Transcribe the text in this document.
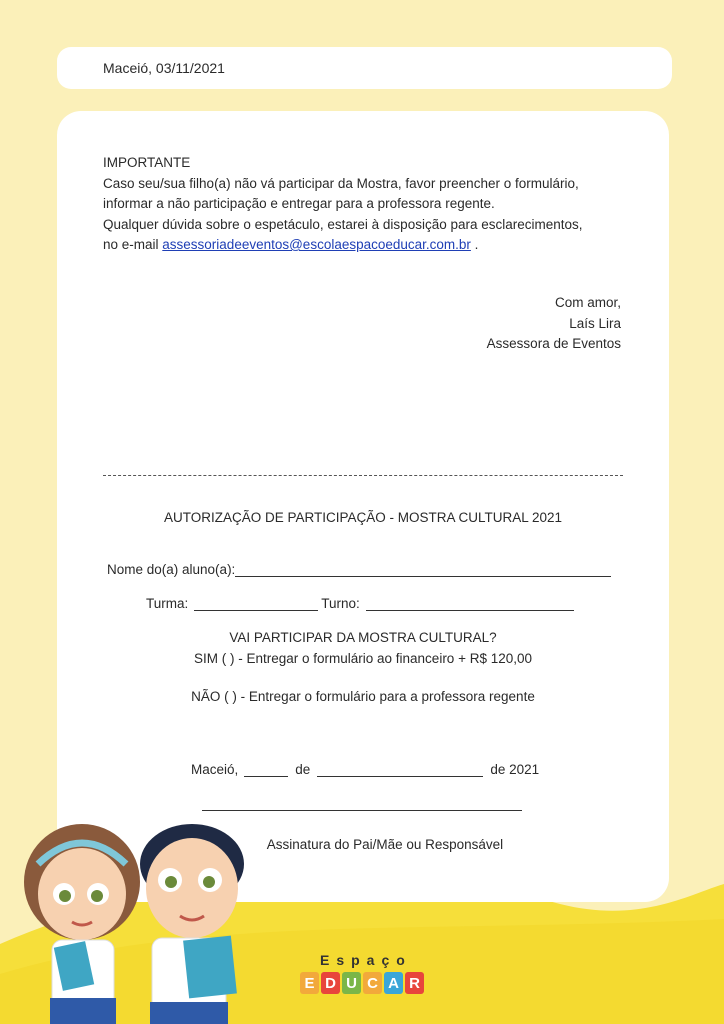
Maceió, 03/11/2021
IMPORTANTE
Caso seu/sua filho(a) não vá participar da Mostra, favor preencher o formulário,
informar a não participação e entregar para a professora regente.
Qualquer dúvida sobre o espetáculo, estarei à disposição para esclarecimentos,
no e-mail assessoriadeeventos@escolaespacoeducar.com.br .
Com amor,
Laís Lira
Assessora de Eventos
AUTORIZAÇÃO DE PARTICIPAÇÃO - MOSTRA CULTURAL 2021
Nome do(a) aluno(a):
Turma:	Turno:
VAI PARTICIPAR DA MOSTRA CULTURAL?
SIM ( ) - Entregar o formulário ao financeiro + R$ 120,00
NÃO ( ) - Entregar o formulário para a professora regente
Maceió,	de	de 2021
Assinatura do Pai/Mãe ou Responsável
Espaço
E D U C A R
